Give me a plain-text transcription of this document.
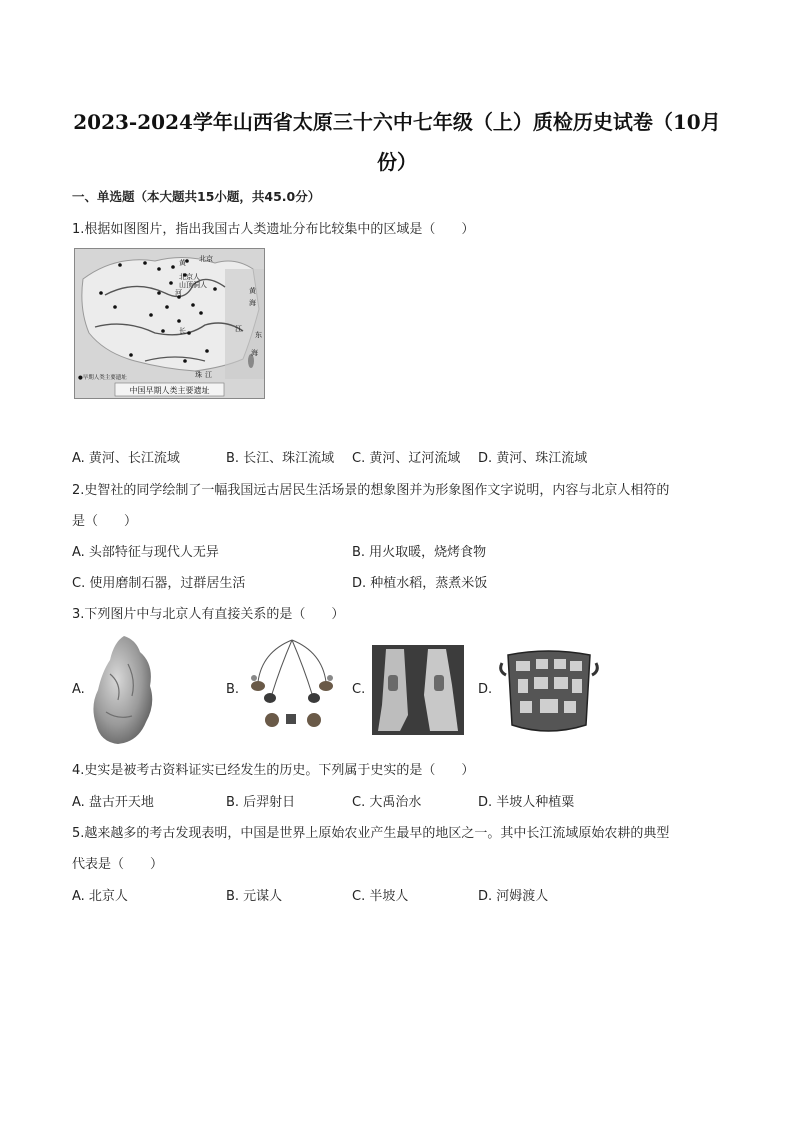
2023-2024学年山西省太原三十六中七年级（上）质检历史试卷（10月
份）
一、单选题（本大题共15小题，共45.0分）
1.根据如图图片，指出我国古人类遗址分布比较集中的区域是（　　）
北京
北京人
山顶洞人
黄
河
长	江
黄
海
东
海
珠 江
●早期人类主要遗址
中国早期人类主要遗址
A. 黄河、长江流域	B. 长江、珠江流域 C. 黄河、辽河流域 D. 黄河、珠江流域
2.史智社的同学绘制了一幅我国远古居民生活场景的想象图并为形象图作文字说明，内容与北京人相符的
是（　　）
A. 头部特征与现代人无异	B. 用火取暖，烧烤食物
C. 使用磨制石器，过群居生活	D. 种植水稻，蒸煮米饭
3.下列图片中与北京人有直接关系的是（　　）
A.	B.	C.	D.
4.史实是被考古资料证实已经发生的历史。下列属于史实的是（　　）
A. 盘古开天地	B. 后羿射日	C. 大禹治水	D. 半坡人种植粟
5.越来越多的考古发现表明，中国是世界上原始农业产生最早的地区之一。其中长江流域原始农耕的典型
代表是（　　）
A. 北京人	B. 元谋人	C. 半坡人	D. 河姆渡人
